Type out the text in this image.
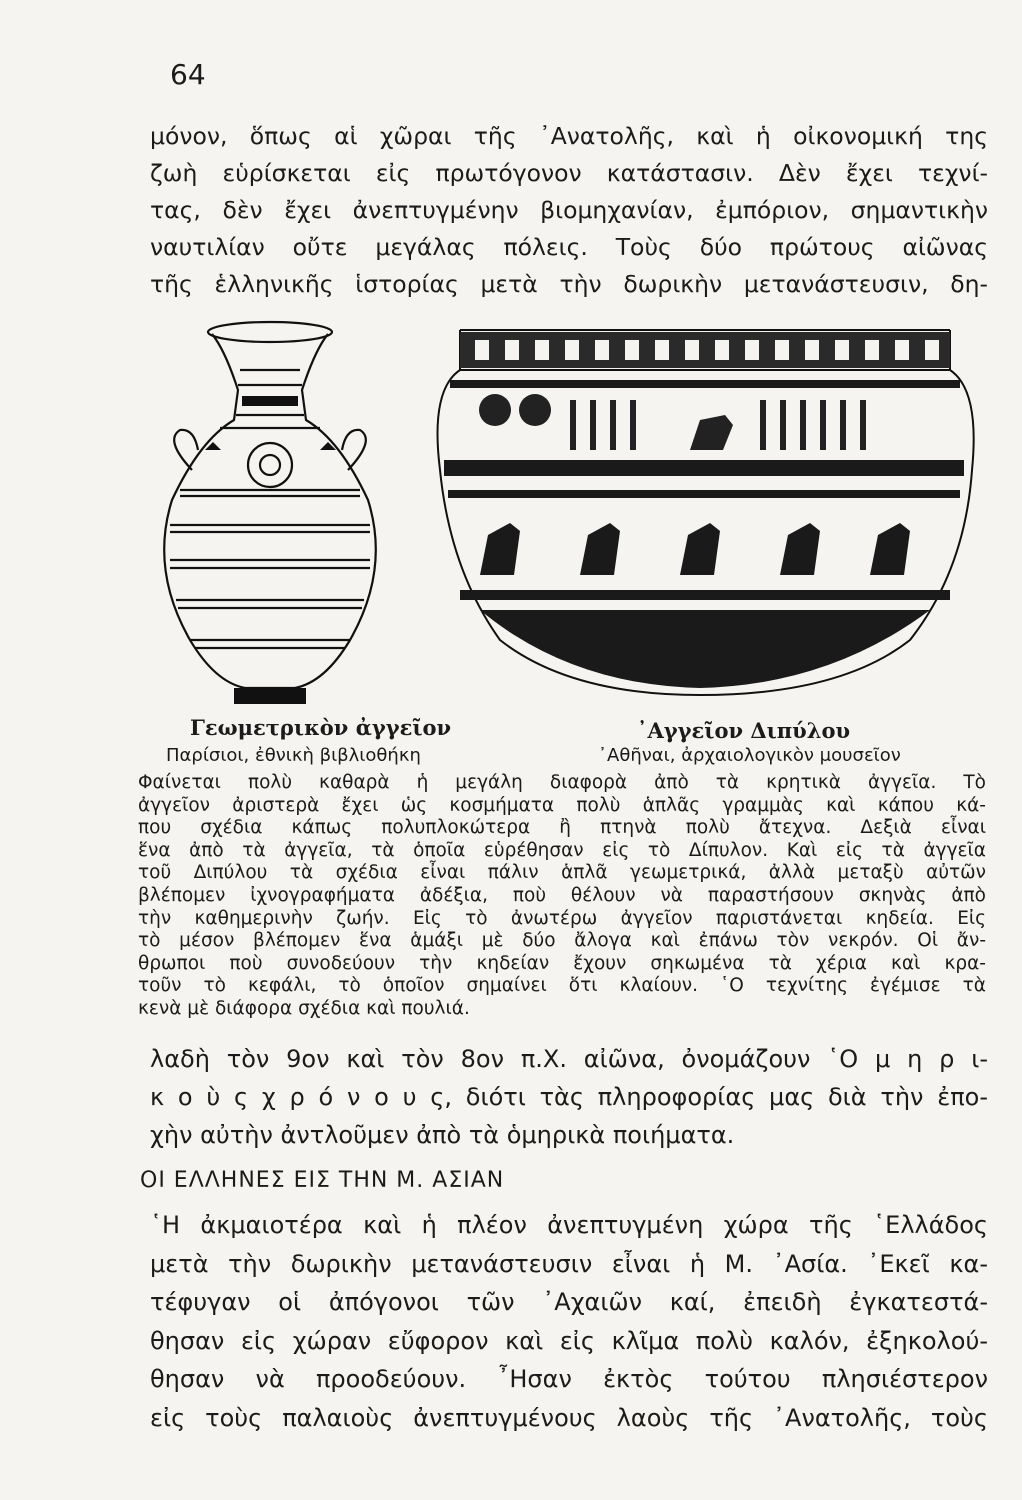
64
μόνον, ὅπως αἱ χῶραι τῆς ᾿Ανατολῆς, καὶ ἡ οἰκονομική της
ζωὴ εὑρίσκεται εἰς πρωτόγονον κατάστασιν. Δὲν ἔχει τεχνί-
τας, δὲν ἔχει ἀνεπτυγμένην βιομηχανίαν, ἐμπόριον, σημαντικὴν
ναυτιλίαν οὔτε μεγάλας πόλεις. Τοὺς δύο πρώτους αἰῶνας
τῆς ἑλληνικῆς ἱστορίας μετὰ τὴν δωρικὴν μετανάστευσιν, δη-
Γεωμετρικὸν ἀγγεῖον	᾿Αγγεῖον Διπύλου
Παρίσιοι, ἐθνικὴ βιβλιοθήκη	᾿Αθῆναι, ἀρχαιολογικὸν μουσεῖον
Φαίνεται πολὺ καθαρὰ ἡ μεγάλη διαφορὰ ἀπὸ τὰ κρητικὰ ἀγγεῖα. Τὸ
ἀγγεῖον ἀριστερὰ ἔχει ὡς κοσμήματα πολὺ ἁπλᾶς γραμμὰς καὶ κάπου κά-
που σχέδια κάπως πολυπλοκώτερα ἢ πτηνὰ πολὺ ἄτεχνα. Δεξιὰ εἶναι
ἕνα ἀπὸ τὰ ἀγγεῖα, τὰ ὁποῖα εὑρέθησαν εἰς τὸ Δίπυλον. Καὶ εἰς τὰ ἀγγεῖα
τοῦ Διπύλου τὰ σχέδια εἶναι πάλιν ἁπλᾶ γεωμετρικά, ἀλλὰ μεταξὺ αὐτῶν
βλέπομεν ἰχνογραφήματα ἀδέξια, ποὺ θέλουν νὰ παραστήσουν σκηνὰς ἀπὸ
τὴν καθημερινὴν ζωήν. Εἰς τὸ ἀνωτέρω ἀγγεῖον παριστάνεται κηδεία. Εἰς
τὸ μέσον βλέπομεν ἕνα ἁμάξι μὲ δύο ἄλογα καὶ ἐπάνω τὸν νεκρόν. Οἱ ἄν-
θρωποι ποὺ συνοδεύουν τὴν κηδείαν ἔχουν σηκωμένα τὰ χέρια καὶ κρα-
τοῦν τὸ κεφάλι, τὸ ὁποῖον σημαίνει ὅτι κλαίουν. ῾Ο τεχνίτης ἐγέμισε τὰ
κενὰ μὲ διάφορα σχέδια καὶ πουλιά.
λαδὴ τὸν 9ον καὶ τὸν 8ον π.Χ. αἰῶνα, ὀνομάζουν ῾Ο μ η ρ ι-
κ ο ὺ ς χ ρ ό ν ο υ ς, διότι τὰς πληροφορίας μας διὰ τὴν ἐπο-
χὴν αὐτὴν ἀντλοῦμεν ἀπὸ τὰ ὁμηρικὰ ποιήματα.
ΟΙ ΕΛΛΗΝΕΣ ΕΙΣ ΤΗΝ Μ. ΑΣΙΑΝ
῾Η ἀκμαιοτέρα καὶ ἡ πλέον ἀνεπτυγμένη χώρα τῆς ῾Ελλάδος
μετὰ τὴν δωρικὴν μετανάστευσιν εἶναι ἡ Μ. ᾿Ασία. ᾿Εκεῖ κα-
τέφυγαν οἱ ἀπόγονοι τῶν ᾿Αχαιῶν καί, ἐπειδὴ ἐγκατεστά-
θησαν εἰς χώραν εὔφορον καὶ εἰς κλῖμα πολὺ καλόν, ἐξηκολού-
θησαν νὰ προοδεύουν. ῏Ησαν ἐκτὸς τούτου πλησιέστερον
εἰς τοὺς παλαιοὺς ἀνεπτυγμένους λαοὺς τῆς ᾿Ανατολῆς, τοὺς
